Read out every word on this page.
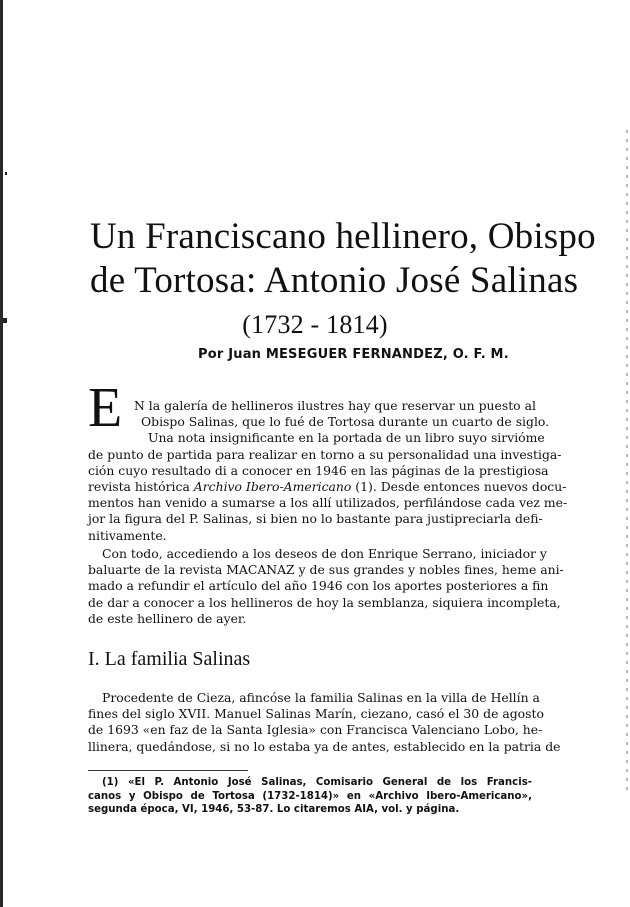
Un Franciscano hellinero, Obispo
de Tortosa: Antonio José Salinas
(1732 - 1814)
Por Juan MESEGUER FERNANDEZ, O. F. M.
E N la galería de hellineros ilustres hay que reservar un puesto al
Obispo Salinas, que lo fué de Tortosa durante un cuarto de siglo.
Una nota insignificante en la portada de un libro suyo sirvióme
de punto de partida para realizar en torno a su personalidad una investiga-
ción cuyo resultado di a conocer en 1946 en las páginas de la prestigiosa
revista histórica Archivo Ibero-Americano (1). Desde entonces nuevos docu-
mentos han venido a sumarse a los allí utilizados, perfilándose cada vez me-
jor la figura del P. Salinas, si bien no lo bastante para justipreciarla defi-
nitivamente.
Con todo, accediendo a los deseos de don Enrique Serrano, iniciador y
baluarte de la revista MACANAZ y de sus grandes y nobles fines, heme ani-
mado a refundir el artículo del año 1946 con los aportes posteriores a fin
de dar a conocer a los hellineros de hoy la semblanza, siquiera incompleta,
de este hellinero de ayer.
I. La familia Salinas
Procedente de Cieza, afincóse la familia Salinas en la villa de Hellín a
fines del siglo XVII. Manuel Salinas Marín, ciezano, casó el 30 de agosto
de 1693 «en faz de la Santa Iglesia» con Francisca Valenciano Lobo, he-
llinera, quedándose, si no lo estaba ya de antes, establecido en la patria de
(1) «El P. Antonio José Salinas, Comisario General de los Francis-
canos y Obispo de Tortosa (1732-1814)» en «Archivo Ibero-Americano»,
segunda época, VI, 1946, 53-87. Lo citaremos AIA, vol. y página.
